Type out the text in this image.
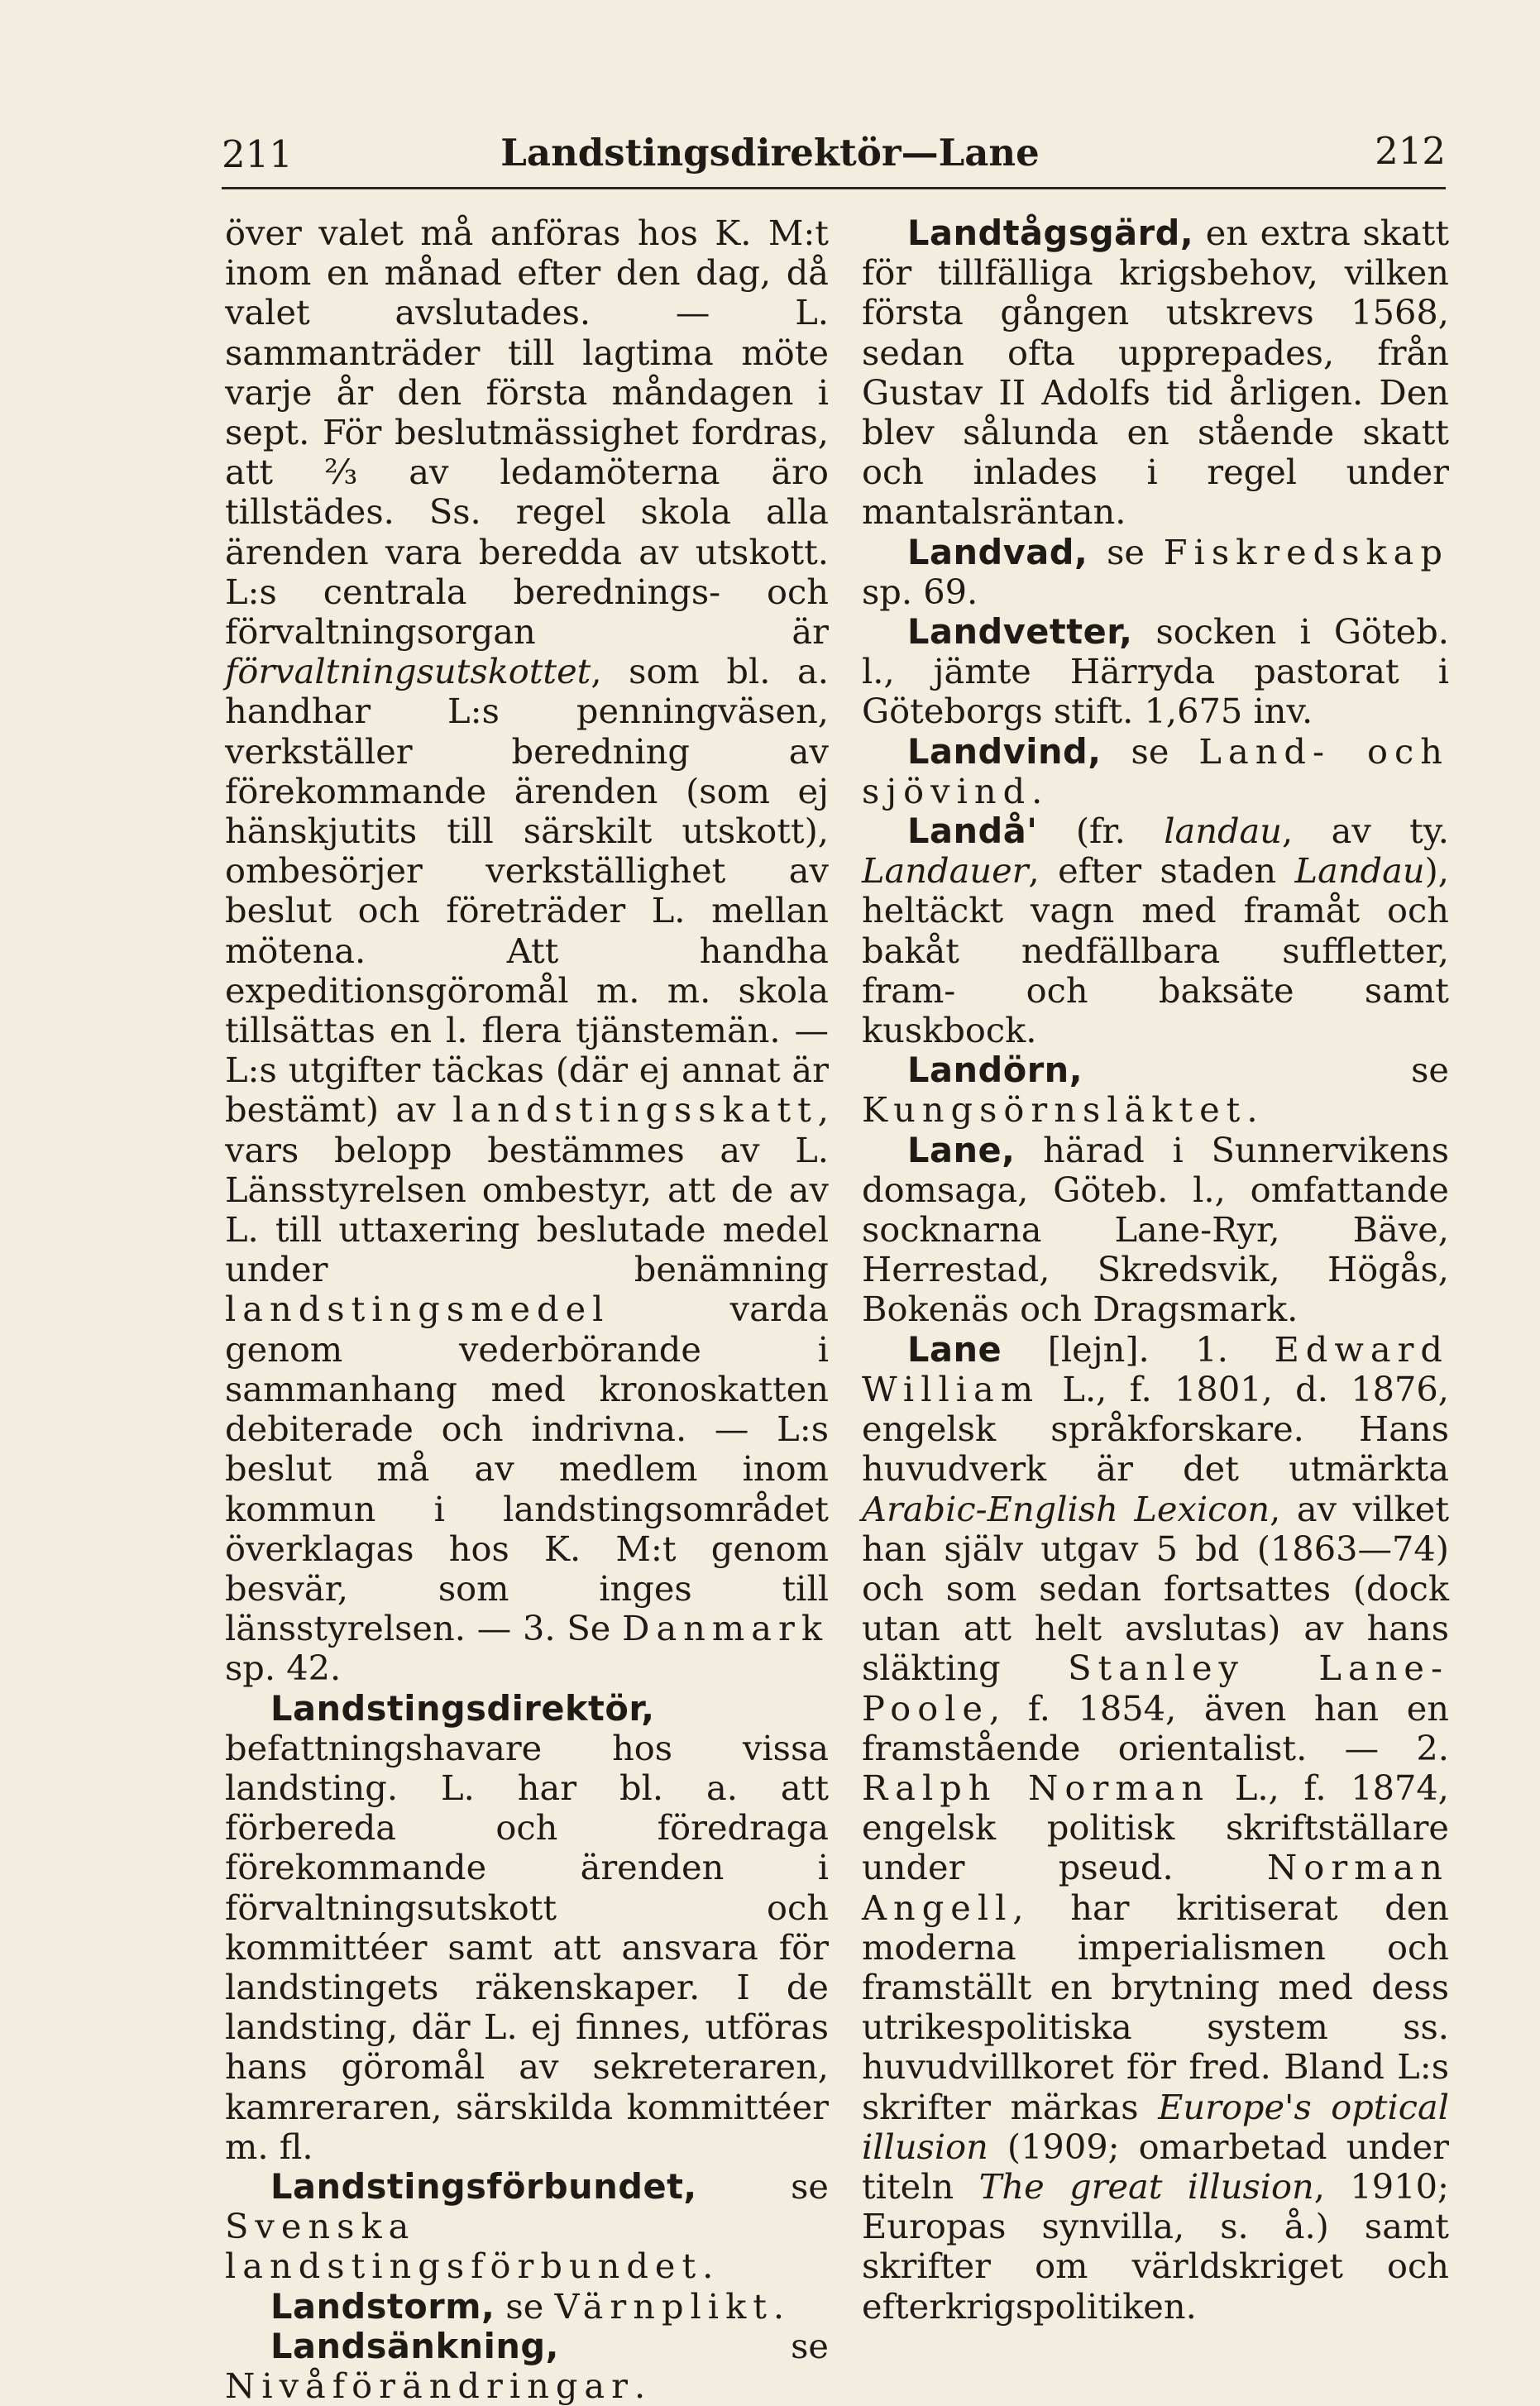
211	Landstingsdirektör—Lane	212

över valet må anföras hos K. M:t inom en månad efter den dag, då valet avslutades. — L. sammanträder till lagtima möte varje år den första måndagen i sept. För beslutmässighet fordras, att ⅔ av ledamöterna äro tillstädes. Ss. regel skola alla ärenden vara beredda av utskott. L:s centrala berednings- och förvaltningsorgan är förvaltningsutskottet, som bl. a. handhar L:s penningväsen, verkställer beredning av förekommande ärenden (som ej hänskjutits till särskilt utskott), ombesörjer verkställighet av beslut och företräder L. mellan mötena. Att handha expeditionsgöromål m. m. skola tillsättas en l. flera tjänstemän. — L:s utgifter täckas (där ej annat är bestämt) av landstingsskatt, vars belopp bestämmes av L. Länsstyrelsen ombestyr, att de av L. till uttaxering beslutade medel under benämning landstingsmedel varda genom vederbörande i sammanhang med kronoskatten debiterade och indrivna. — L:s beslut må av medlem inom kommun i landstingsområdet överklagas hos K. M:t genom besvär, som inges till länsstyrelsen. — 3. Se Danmark sp. 42.

Landstingsdirektör, befattningshavare hos vissa landsting. L. har bl. a. att förbereda och föredraga förekommande ärenden i förvaltningsutskott och kommittéer samt att ansvara för landstingets räkenskaper. I de landsting, där L. ej finnes, utföras hans göromål av sekreteraren, kamreraren, särskilda kommittéer m. fl.

Landstingsförbundet, se Svenska landstingsförbundet.

Landstorm, se Värnplikt.

Landsänkning, se Nivåförändringar.

Landtågsgärd, en extra skatt för tillfälliga krigsbehov, vilken första gången utskrevs 1568, sedan ofta upprepades, från Gustav II Adolfs tid årligen. Den blev sålunda en stående skatt och inlades i regel under mantalsräntan.

Landvad, se Fiskredskap sp. 69.

Landvetter, socken i Göteb. l., jämte Härryda pastorat i Göteborgs stift. 1,675 inv.

Landvind, se Land- och sjövind.

Landå' (fr. landau, av ty. Landauer, efter staden Landau), heltäckt vagn med framåt och bakåt nedfällbara suffletter, fram- och baksäte samt kuskbock.

Landörn, se Kungsörnsläktet.

Lane, härad i Sunnervikens domsaga, Göteb. l., omfattande socknarna Lane-Ryr, Bäve, Herrestad, Skredsvik, Högås, Bokenäs och Dragsmark.

Lane [lejn]. 1. Edward William L., f. 1801, d. 1876, engelsk språkforskare. Hans huvudverk är det utmärkta Arabic-English Lexicon, av vilket han själv utgav 5 bd (1863—74) och som sedan fortsattes (dock utan att helt avslutas) av hans släkting Stanley Lane-Poole, f. 1854, även han en framstående orientalist. — 2. Ralph Norman L., f. 1874, engelsk politisk skriftställare under pseud. Norman Angell, har kritiserat den moderna imperialismen och framställt en brytning med dess utrikespolitiska system ss. huvudvillkoret för fred. Bland L:s skrifter märkas Europe's optical illusion (1909; omarbetad under titeln The great illusion, 1910; Europas synvilla, s. å.) samt skrifter om världskriget och efterkrigspolitiken.
